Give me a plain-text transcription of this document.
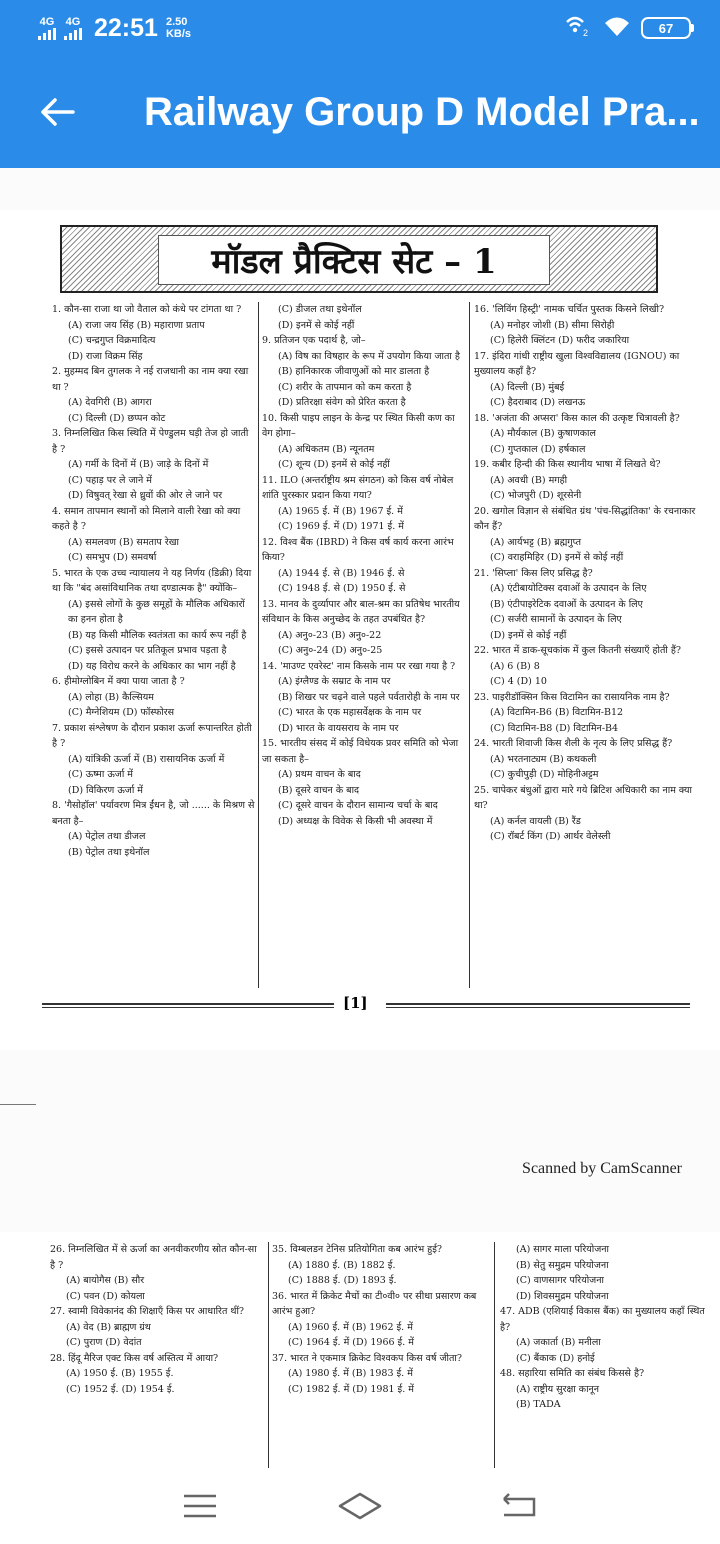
4G 4G 22:51 2.50
KB/s	2	67
Railway Group D Model Pra...
मॉडल प्रैक्टिस सेट – 1
1. कौन-सा राजा था जो वैताल को कंधे पर टांगता था ?
(A) राजा जय सिंह (B) महाराणा प्रताप
(C) चन्द्रगुप्त विक्रमादित्य
(D) राजा विक्रम सिंह
2. मुहम्मद बिन तुगलक ने नई राजधानी का नाम क्या रखा था ?
(A) देवगिरी (B) आगरा
(C) दिल्ली (D) छप्पन कोट
3. निम्नलिखित किस स्थिति में पेण्डुलम घड़ी तेज हो जाती है ?
(A) गर्मी के दिनों में (B) जाड़े के दिनों में
(C) पहाड़ पर ले जाने में
(D) विषुवत् रेखा से ध्रुवों की ओर ले जाने पर
4. समान तापमान स्थानों को मिलाने वाली रेखा को क्या कहते है ?
(A) समलवण (B) समताप रेखा
(C) समभुप (D) समवर्षा
5. भारत के एक उच्च न्यायालय ने यह निर्णय (डिक्री) दिया था कि "बंद असांविधानिक तथा दण्डात्मक है" क्योंकि–
(A) इससे लोगों के कुछ समूहों के मौलिक अधिकारों का हनन होता है
(B) यह किसी मौलिक स्वतंत्रता का कार्य रूप नहीं है
(C) इससे उत्पादन पर प्रतिकूल प्रभाव पड़ता है
(D) यह विरोध करने के अधिकार का भाग नहीं है
6. हीमोग्लोबिन में क्या पाया जाता है ?
(A) लोहा (B) कैल्सियम
(C) मैग्नेशियम (D) फॉस्फोरस
7. प्रकाश संश्लेषण के दौरान प्रकाश ऊर्जा रूपान्तरित होती है ?
(A) यांत्रिकी ऊर्जा में (B) रासायनिक ऊर्जा में
(C) ऊष्मा ऊर्जा में
(D) विकिरण ऊर्जा में
8. 'गैसोहॉल' पर्यावरण मित्र ईंधन है, जो ...... के मिश्रण से बनता है–
(A) पेट्रोल तथा डीजल
(B) पेट्रोल तथा इथेनॉल
(C) डीजल तथा इथेनॉल
(D) इनमें से कोई नहीं
9. प्रतिजन एक पदार्थ है, जो–
(A) विष का विषहार के रूप में उपयोग किया जाता है
(B) हानिकारक जीवाणुओं को मार डालता है
(C) शरीर के तापमान को कम करता है
(D) प्रतिरक्षा संवेग को प्रेरित करता है
10. किसी पाइप लाइन के केन्द्र पर स्थित किसी कण का वेग होगा–
(A) अधिकतम (B) न्यूनतम
(C) शून्य (D) इनमें से कोई नहीं
11. ILO (अन्तर्राष्ट्रीय श्रम संगठन) को किस वर्ष नोबेल शांति पुरस्कार प्रदान किया गया?
(A) 1965 ई. में (B) 1967 ई. में
(C) 1969 ई. में (D) 1971 ई. में
12. विश्व बैंक (IBRD) ने किस वर्ष कार्य करना आरंभ किया?
(A) 1944 ई. से (B) 1946 ई. से
(C) 1948 ई. से (D) 1950 ई. से
13. मानव के दुर्व्यापार और बाल-श्रम का प्रतिषेध भारतीय संविधान के किस अनुच्छेद के तहत उपबंधित है?
(A) अनु०-23 (B) अनु०-22
(C) अनु०-24 (D) अनु०-25
14. 'माउण्ट एवरेस्ट' नाम किसके नाम पर रखा गया है ?
(A) इंग्लैण्ड के सम्राट के नाम पर
(B) शिखर पर चढ़ने वाले पहले पर्वतारोही के नाम पर
(C) भारत के एक महासर्वेक्षक के नाम पर
(D) भारत के वायसराय के नाम पर
15. भारतीय संसद में कोई विधेयक प्रवर समिति को भेजा जा सकता है–
(A) प्रथम वाचन के बाद
(B) दूसरे वाचन के बाद
(C) दूसरे वाचन के दौरान सामान्य चर्चा के बाद
(D) अध्यक्ष के विवेक से किसी भी अवस्था में
16. 'लिविंग हिस्ट्री' नामक चर्चित पुस्तक किसने लिखी?
(A) मनोहर जोशी (B) सीमा सिरोही
(C) हिलेरी क्लिंटन (D) फरीद जकारिया
17. इंदिरा गांधी राष्ट्रीय खुला विश्वविद्यालय (IGNOU) का मुख्यालय कहाँ है?
(A) दिल्ली (B) मुंबई
(C) हैदराबाद (D) लखनऊ
18. 'अजंता की अप्सरा' किस काल की उत्कृष्ट चित्रावली है?
(A) मौर्यकाल (B) कुषाणकाल
(C) गुप्तकाल (D) हर्षकाल
19. कबीर हिन्दी की किस स्थानीय भाषा में लिखते थे?
(A) अवधी (B) मगही
(C) भोजपुरी (D) शूरसेनी
20. खगोल विज्ञान से संबंधित ग्रंथ 'पंच-सिद्धांतिका' के रचनाकार कौन हैं?
(A) आर्यभट्ट (B) ब्रह्मगुप्त
(C) वराहमिहिर (D) इनमें से कोई नहीं
21. 'सिप्ला' किस लिए प्रसिद्ध है?
(A) एंटीबायोटिक्स दवाओं के उत्पादन के लिए
(B) एंटीपाइरेटिक दवाओं के उत्पादन के लिए
(C) सर्जरी सामानों के उत्पादन के लिए
(D) इनमें से कोई नहीं
22. भारत में डाक-सूचकांक में कुल कितनी संख्याएँ होती हैं?
(A) 6 (B) 8
(C) 4 (D) 10
23. पाइरीडॉक्सिन किस विटामिन का रासायनिक नाम है?
(A) विटामिन-B6 (B) विटामिन-B12
(C) विटामिन-B8 (D) विटामिन-B4
24. भारती शिवाजी किस शैली के नृत्य के लिए प्रसिद्ध हैं?
(A) भरतनाट्यम (B) कथकली
(C) कुचीपुड़ी (D) मोहिनीअट्टम
25. चापेकर बंधुओं द्वारा मारे गये ब्रिटिश अधिकारी का नाम क्या था?
(A) कर्नल वायली (B) रैंड
(C) रॉबर्ट किंग (D) आर्थर वेलेस्ली
[1]
Scanned by CamScanner
26. निम्नलिखित में से ऊर्जा का अनवीकरणीय स्रोत कौन-सा है ?
(A) बायोगैस (B) सौर
(C) पवन (D) कोयला
27. स्वामी विवेकानंद की शिक्षाएँ किस पर आधारित थीं?
(A) वेद (B) ब्राह्मण ग्रंथ
(C) पुराण (D) वेदांत
28. हिंदू मैरिज एक्ट किस वर्ष अस्तित्व में आया?
(A) 1950 ई. (B) 1955 ई.
(C) 1952 ई. (D) 1954 ई.
35. विम्बलडन टेनिस प्रतियोगिता कब आरंभ हुई?
(A) 1880 ई. (B) 1882 ई.
(C) 1888 ई. (D) 1893 ई.
36. भारत में क्रिकेट मैचों का टी०वी० पर सीधा प्रसारण कब आरंभ हुआ?
(A) 1960 ई. में (B) 1962 ई. में
(C) 1964 ई. में (D) 1966 ई. में
37. भारत ने एकमात्र क्रिकेट विश्वकप किस वर्ष जीता?
(A) 1980 ई. में (B) 1983 ई. में
(C) 1982 ई. में (D) 1981 ई. में
(A) सागर माला परियोजना
(B) सेतु समुद्रम परियोजना
(C) वाणसागर परियोजना
(D) शिवसमुद्रम परियोजना
47. ADB (एशियाई विकास बैंक) का मुख्यालय कहाँ स्थित है?
(A) जकार्ता (B) मनीला
(C) बैंकाक (D) हनोई
48. सहारिया समिति का संबंध किससे है?
(A) राष्ट्रीय सुरक्षा कानून
(B) TADA
